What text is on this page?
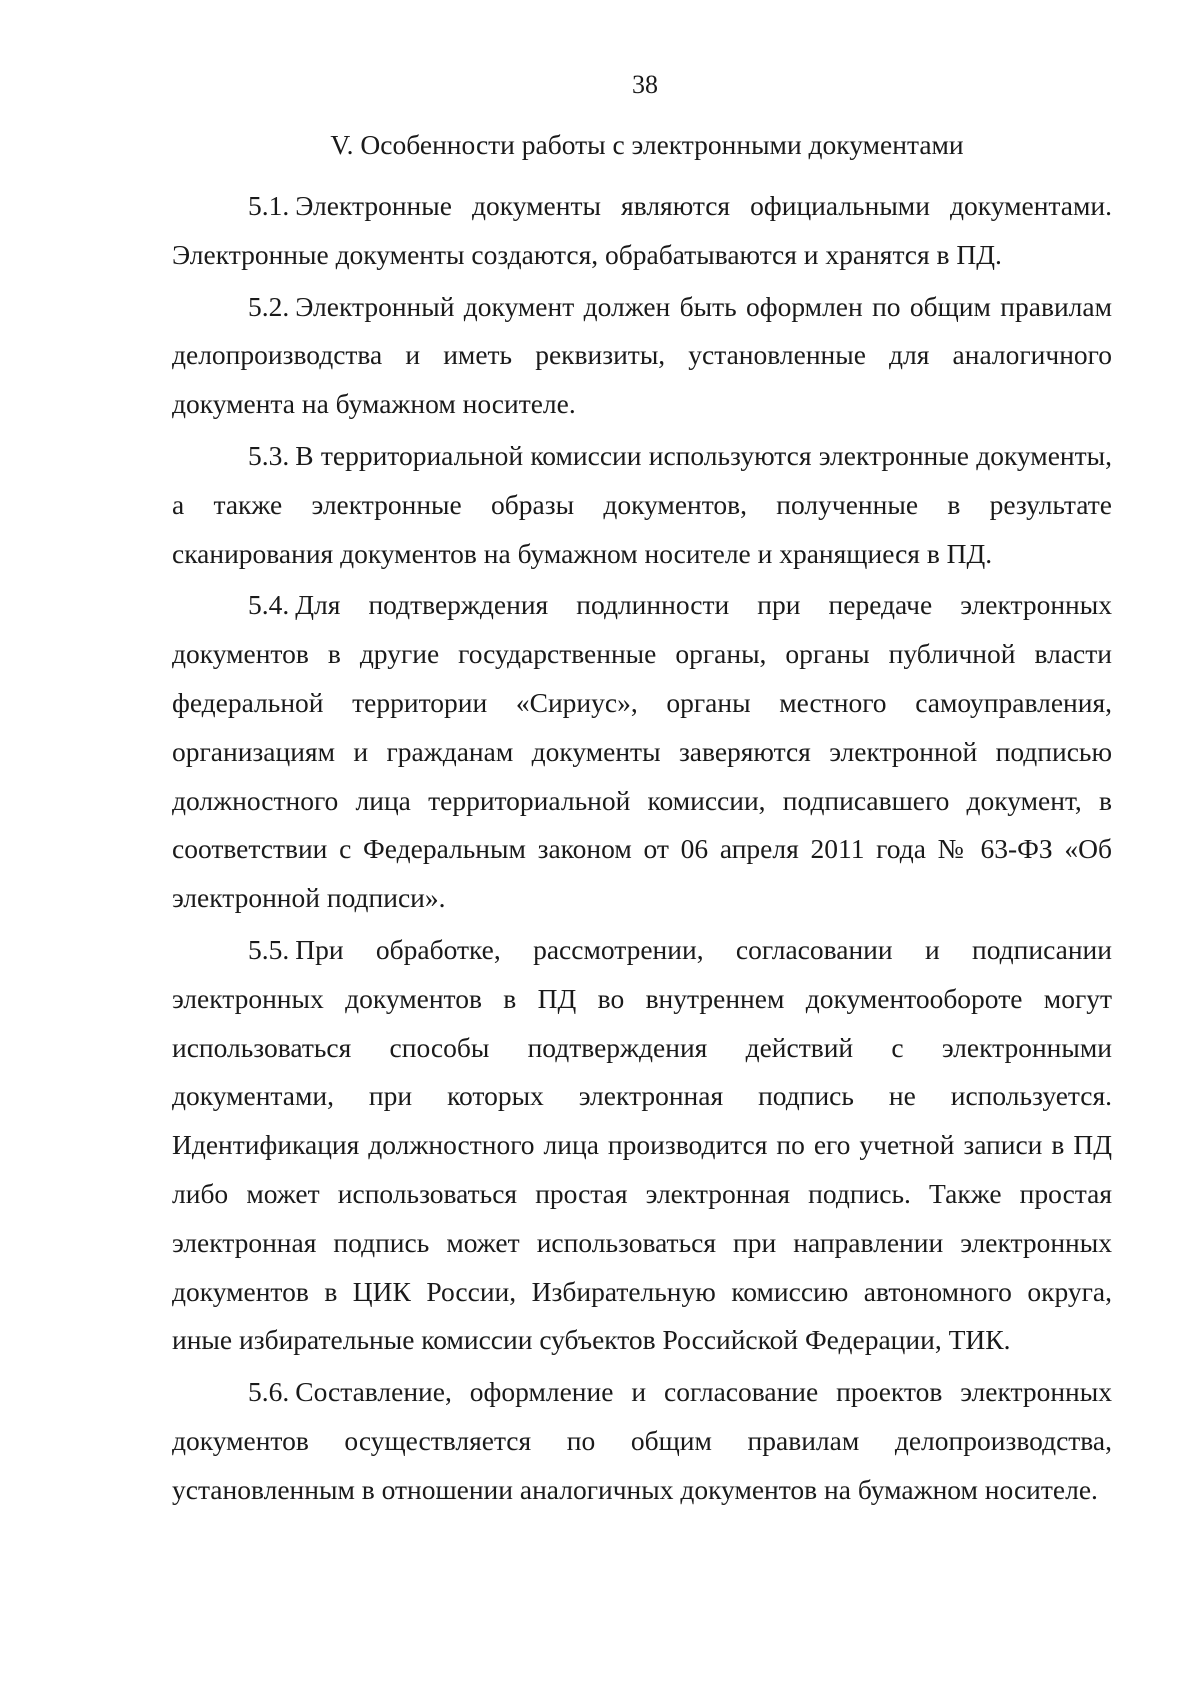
38
V. Особенности работы с электронными документами

5.1. Электронные документы являются официальными документами. Электронные документы создаются, обрабатываются и хранятся в ПД.

5.2. Электронный документ должен быть оформлен по общим правилам делопроизводства и иметь реквизиты, установленные для аналогичного документа на бумажном носителе.

5.3. В территориальной комиссии используются электронные документы, а также электронные образы документов, полученные в результате сканирования документов на бумажном носителе и хранящиеся в ПД.

5.4. Для подтверждения подлинности при передаче электронных документов в другие государственные органы, органы публичной власти федеральной территории «Сириус», органы местного самоуправления, организациям и гражданам документы заверяются электронной подписью должностного лица территориальной комиссии, подписавшего документ, в соответствии с Федеральным законом от 06 апреля 2011 года № 63-ФЗ «Об электронной подписи».

5.5. При обработке, рассмотрении, согласовании и подписании электронных документов в ПД во внутреннем документообороте могут использоваться способы подтверждения действий с электронными документами, при которых электронная подпись не используется. Идентификация должностного лица производится по его учетной записи в ПД либо может использоваться простая электронная подпись. Также простая электронная подпись может использоваться при направлении электронных документов в ЦИК России, Избирательную комиссию автономного округа, иные избирательные комиссии субъектов Российской Федерации, ТИК.

5.6. Составление, оформление и согласование проектов электронных документов осуществляется по общим правилам делопроизводства, установленным в отношении аналогичных документов на бумажном носителе.
